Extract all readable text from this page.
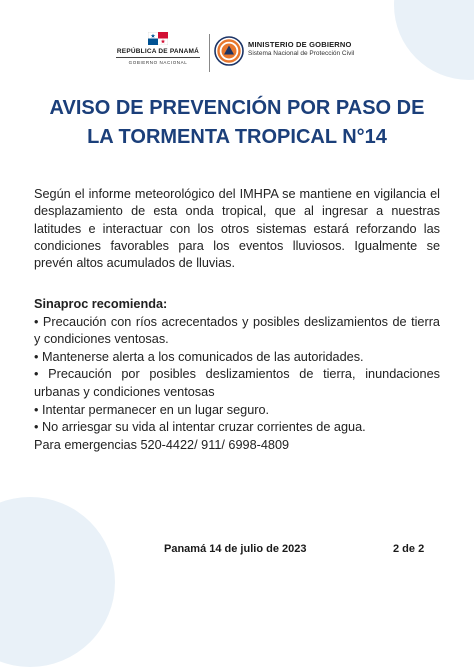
REPÚBLICA DE PANAMÁ
GOBIERNO NACIONAL
MINISTERIO DE GOBIERNO
Sistema Nacional de Protección Civil
AVISO DE PREVENCIÓN POR PASO DE
LA TORMENTA TROPICAL N°14
Según el informe meteorológico del IMHPA se mantiene en vigilancia el desplazamiento de esta onda tropical, que al ingresar a nuestras latitudes e interactuar con los otros sistemas estará reforzando las condiciones favorables para los eventos lluviosos. Igualmente se prevén altos acumulados de lluvias.
Sinaproc recomienda:
• Precaución con ríos acrecentados y posibles deslizamientos de tierra y condiciones ventosas.
• Mantenerse alerta a los comunicados de las autoridades.
• Precaución por posibles deslizamientos de tierra, inundaciones urbanas y condiciones ventosas
• Intentar permanecer en un lugar seguro.
• No arriesgar su vida al intentar cruzar corrientes de agua.
Para emergencias 520-4422/ 911/ 6998-4809
Panamá 14 de julio de 2023	2 de 2
